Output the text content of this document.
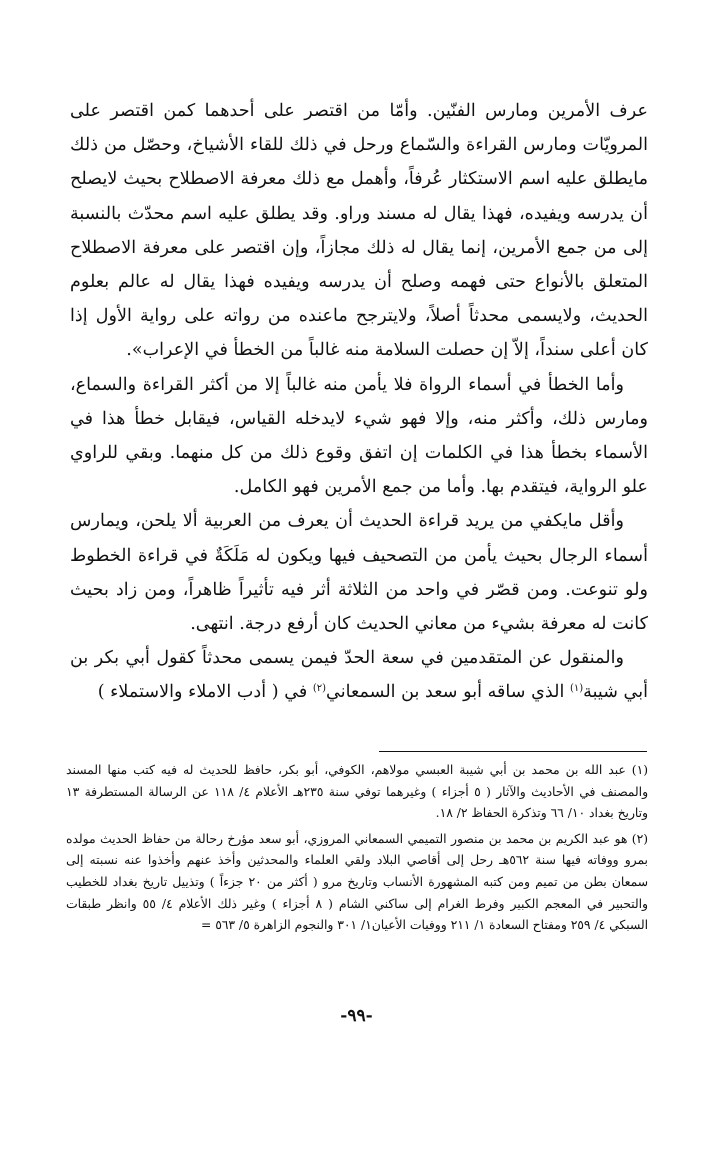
عرف الأمرين ومارس الفنّين. وأمّا من اقتصر على أحدهما كمن اقتصر على المرويّات ومارس القراءة والسّماع ورحل في ذلك للقاء الأشياخ، وحصّل من ذلك مايطلق عليه اسم الاستكثار عُرفاً، وأهمل مع ذلك معرفة الاصطلاح بحيث لايصلح أن يدرسه ويفيده، فهذا يقال له مسند وراو. وقد يطلق عليه اسم محدّث بالنسبة إلى من جمع الأمرين، إنما يقال له ذلك مجازاً، وإن اقتصر على معرفة الاصطلاح المتعلق بالأنواع حتى فهمه وصلح أن يدرسه ويفيده فهذا يقال له عالم بعلوم الحديث، ولايسمى محدثاً أصلاً، ولايترجح ماعنده من رواته على رواية الأول إذا كان أعلى سنداً، إلاّ إن حصلت السلامة منه غالباً من الخطأ في الإعراب».

وأما الخطأ في أسماء الرواة فلا يأمن منه غالباً إلا من أكثر القراءة والسماع، ومارس ذلك، وأكثر منه، وإلا فهو شيء لايدخله القياس، فيقابل خطأ هذا في الأسماء بخطأ هذا في الكلمات إن اتفق وقوع ذلك من كل منهما. وبقي للراوي علو الرواية، فيتقدم بها. وأما من جمع الأمرين فهو الكامل.

وأقل مايكفي من يريد قراءة الحديث أن يعرف من العربية ألا يلحن، ويمارس أسماء الرجال بحيث يأمن من التصحيف فيها ويكون له مَلَكَةٌ في قراءة الخطوط ولو تنوعت. ومن قصّر في واحد من الثلاثة أثر فيه تأثيراً ظاهراً، ومن زاد بحيث كانت له معرفة بشيء من معاني الحديث كان أرفع درجة. انتهى.

والمنقول عن المتقدمين في سعة الحدّ فيمن يسمى محدثاً كقول أبي بكر بن أبي شيبة$^{(١)}$ الذي ساقه أبو سعد بن السمعاني$^{(٢)}$ في ( أدب الاملاء والاستملاء )

(١) عبد الله بن محمد بن أبي شيبة العبسي مولاهم، الكوفي، أبو بكر، حافظ للحديث له فيه كتب منها المسند والمصنف في الأحاديث والآثار ( ٥ أجزاء ) وغيرهما توفي سنة ٢٣٥هـ الأعلام ٤/ ١١٨ عن الرسالة المستطرفة ١٣ وتاريخ بغداد ١٠/ ٦٦ وتذكرة الحفاظ ٢/ ١٨.

(٢) هو عبد الكريم بن محمد بن منصور التميمي السمعاني المروزي، أبو سعد مؤرخ رحالة من حفاظ الحديث مولده بمرو ووفاته فيها سنة ٥٦٢هـ رحل إلى أقاصي البلاد ولقي العلماء والمحدثين وأخذ عنهم وأخذوا عنه نسبته إلى سمعان بطن من تميم ومن كتبه المشهورة الأنساب وتاريخ مرو ( أكثر من ٢٠ جزءاً ) وتذييل تاريخ بغداد للخطيب والتحبير في المعجم الكبير وفرط الغرام إلى ساكني الشام ( ٨ أجزاء ) وغير ذلك الأعلام ٤/ ٥٥ وانظر طبقات السبكي ٤/ ٢٥٩ ومفتاح السعادة ١/ ٢١١ ووفيات الأعيان١/ ٣٠١ والنجوم الزاهرة ٥/ ٥٦٣ =

-٩٩-
